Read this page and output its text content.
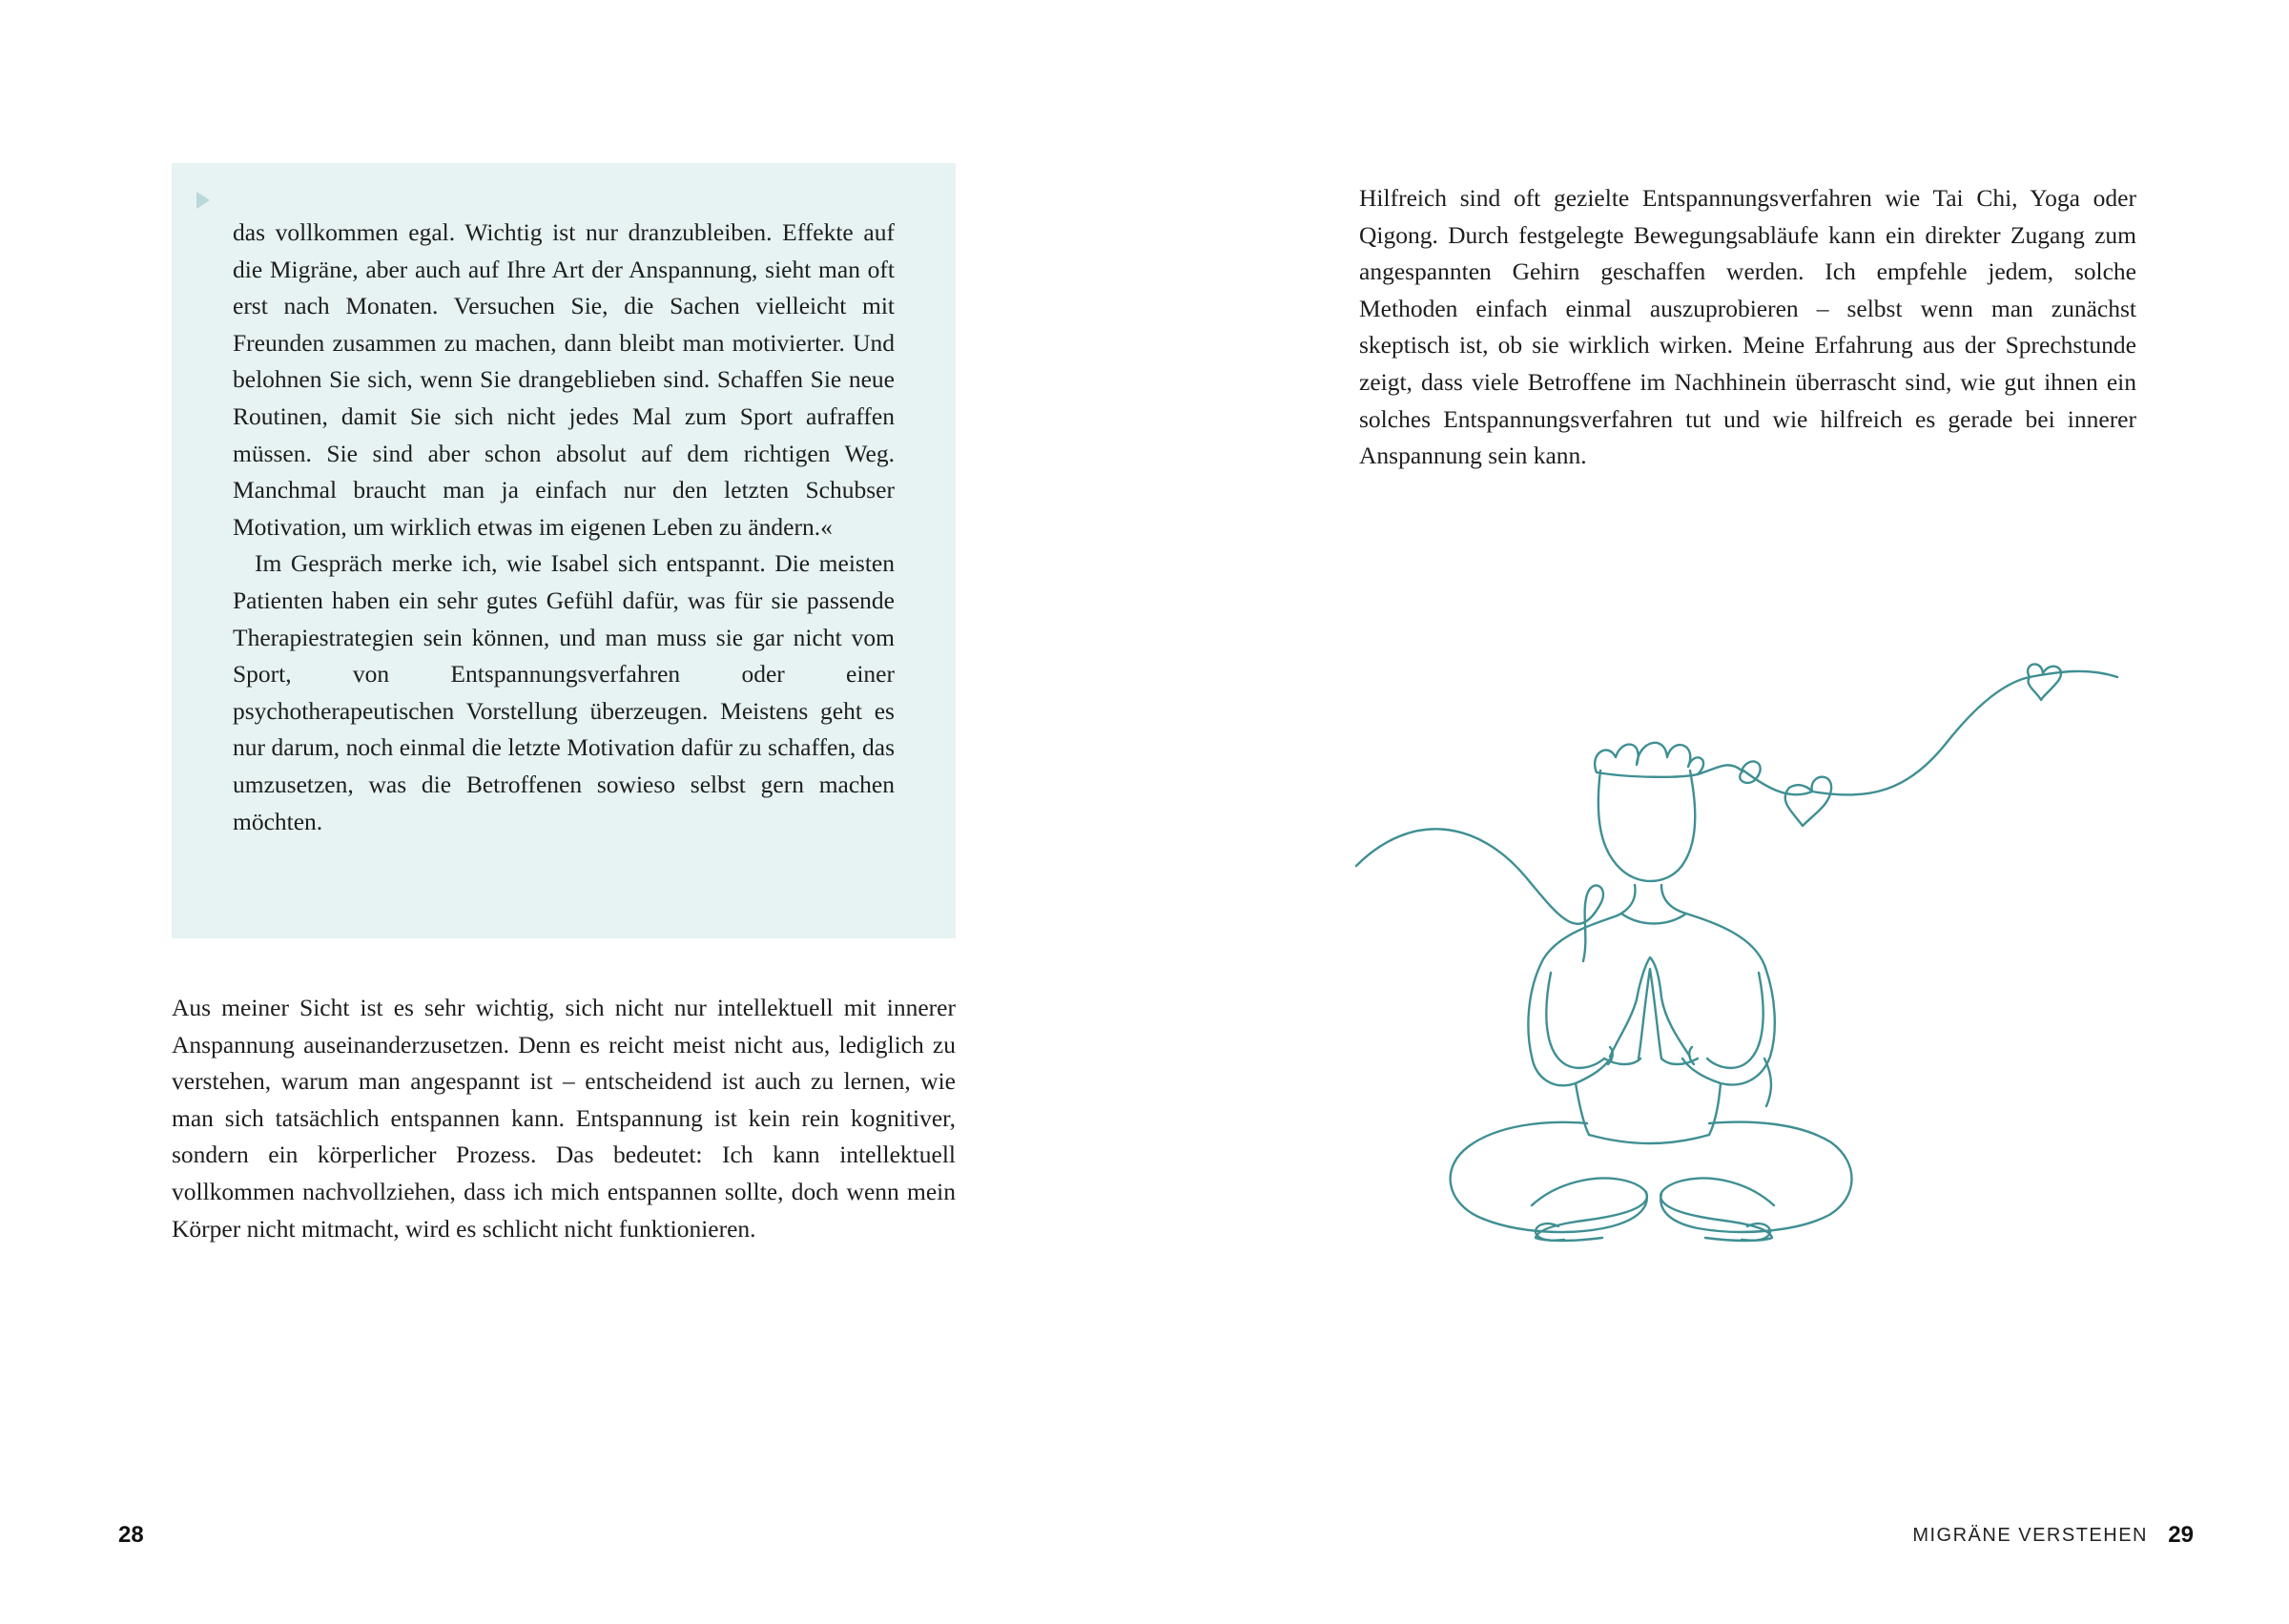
das vollkommen egal. Wichtig ist nur dranzubleiben. Effekte auf die Migräne, aber auch auf Ihre Art der Anspannung, sieht man oft erst nach Monaten. Versuchen Sie, die Sachen vielleicht mit Freunden zusammen zu machen, dann bleibt man motivierter. Und belohnen Sie sich, wenn Sie drangeblieben sind. Schaffen Sie neue Routinen, damit Sie sich nicht jedes Mal zum Sport aufraffen müssen. Sie sind aber schon absolut auf dem richtigen Weg. Manchmal braucht man ja einfach nur den letzten Schubser Motivation, um wirklich etwas im eigenen Leben zu ändern.«

Im Gespräch merke ich, wie Isabel sich entspannt. Die meisten Patienten haben ein sehr gutes Gefühl dafür, was für sie passende Therapiestrategien sein können, und man muss sie gar nicht vom Sport, von Entspannungsverfahren oder einer psychotherapeutischen Vorstellung überzeugen. Meistens geht es nur darum, noch einmal die letzte Motivation dafür zu schaffen, das umzusetzen, was die Betroffenen sowieso selbst gern machen möchten.

Aus meiner Sicht ist es sehr wichtig, sich nicht nur intellektuell mit innerer Anspannung auseinanderzusetzen. Denn es reicht meist nicht aus, lediglich zu verstehen, warum man angespannt ist – entscheidend ist auch zu lernen, wie man sich tatsächlich entspannen kann. Entspannung ist kein rein kognitiver, sondern ein körperlicher Prozess. Das bedeutet: Ich kann intellektuell vollkommen nachvollziehen, dass ich mich entspannen sollte, doch wenn mein Körper nicht mitmacht, wird es schlicht nicht funktionieren.

28

Hilfreich sind oft gezielte Entspannungsverfahren wie Tai Chi, Yoga oder Qigong. Durch festgelegte Bewegungsabläufe kann ein direkter Zugang zum angespannten Gehirn geschaffen werden. Ich empfehle jedem, solche Methoden einfach einmal auszuprobieren – selbst wenn man zunächst skeptisch ist, ob sie wirklich wirken. Meine Erfahrung aus der Sprechstunde zeigt, dass viele Betroffene im Nachhinein überrascht sind, wie gut ihnen ein solches Entspannungsverfahren tut und wie hilfreich es gerade bei innerer Anspannung sein kann.

MIGRÄNE VERSTEHEN 29
